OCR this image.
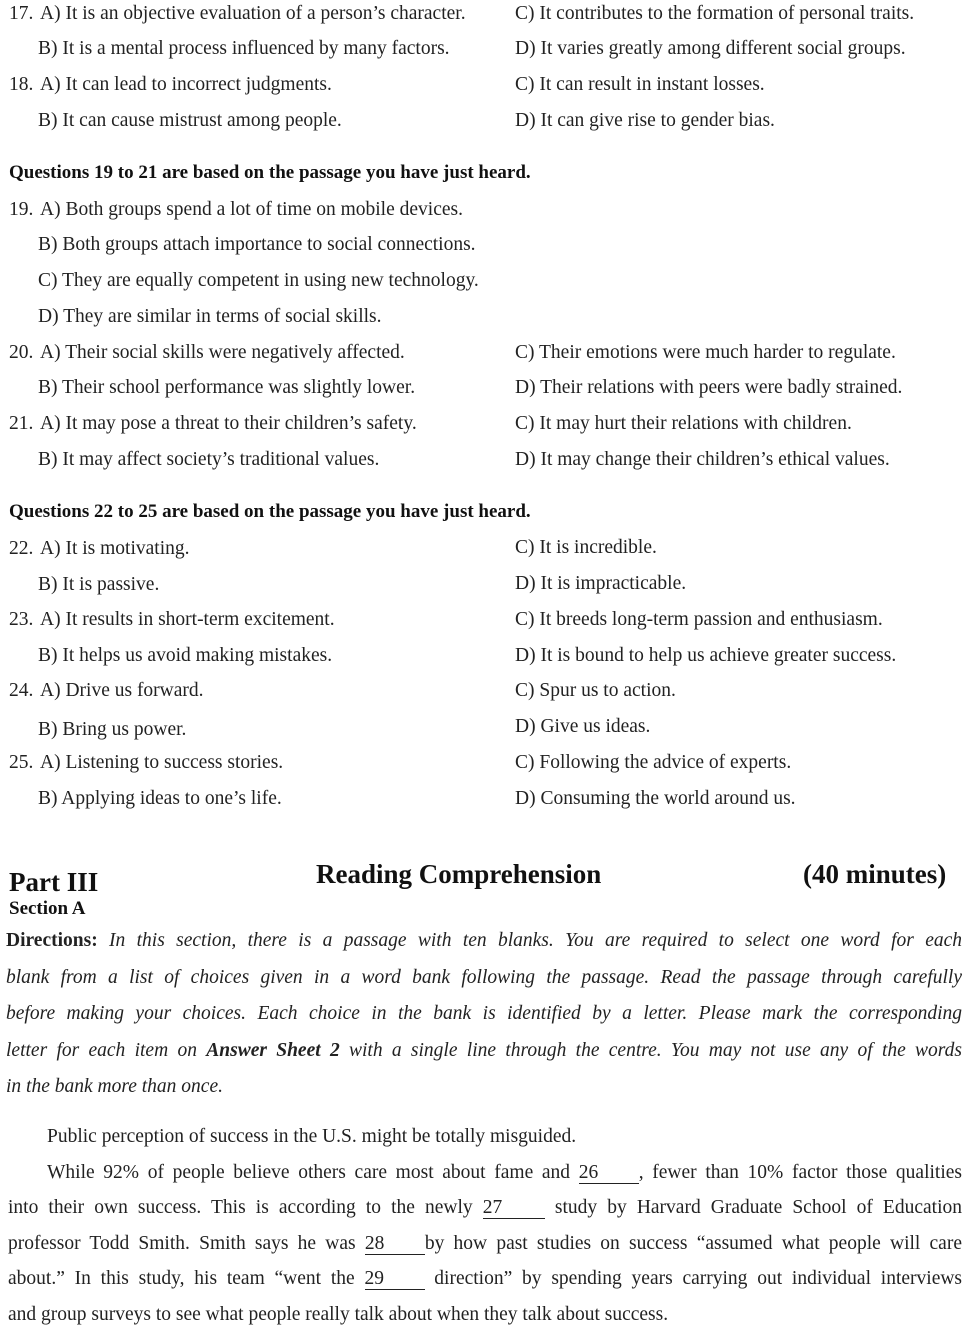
17. A) It is an objective evaluation of a person’s character.
B) It is a mental process influenced by many factors.
C) It contributes to the formation of personal traits.
D) It varies greatly among different social groups.
18. A) It can lead to incorrect judgments.
B) It can cause mistrust among people.
C) It can result in instant losses.
D) It can give rise to gender bias.
Questions 19 to 21 are based on the passage you have just heard.
19. A) Both groups spend a lot of time on mobile devices.
B) Both groups attach importance to social connections.
C) They are equally competent in using new technology.
D) They are similar in terms of social skills.
20. A) Their social skills were negatively affected.
B) Their school performance was slightly lower.
C) Their emotions were much harder to regulate.
D) Their relations with peers were badly strained.
21. A) It may pose a threat to their children’s safety.
B) It may affect society’s traditional values.
C) It may hurt their relations with children.
D) It may change their children’s ethical values.
Questions 22 to 25 are based on the passage you have just heard.
22. A) It is motivating.
B) It is passive.
C) It is incredible.
D) It is impracticable.
23. A) It results in short-term excitement.
B) It helps us avoid making mistakes.
C) It breeds long-term passion and enthusiasm.
D) It is bound to help us achieve greater success.
24. A) Drive us forward.
B) Bring us power.
C) Spur us to action.
D) Give us ideas.
25. A) Listening to success stories.
B) Applying ideas to one’s life.
C) Following the advice of experts.
D) Consuming the world around us.
Part III	Reading Comprehension	(40 minutes)
Section A
Directions: In this section, there is a passage with ten blanks. You are required to select one word for each
blank from a list of choices given in a word bank following the passage. Read the passage through carefully
before making your choices. Each choice in the bank is identified by a letter. Please mark the corresponding
letter for each item on Answer Sheet 2 with a single line through the centre. You may not use any of the words
in the bank more than once.
Public perception of success in the U.S. might be totally misguided.
While 92% of people believe others care most about fame and 26 , fewer than 10% factor those qualities
into their own success. This is according to the newly 27	study by Harvard Graduate School of Education
professor Todd Smith. Smith says he was 28 by how past studies on success “assumed what people will care
about.” In this study, his team “went the 29	direction” by spending years carrying out individual interviews
and group surveys to see what people really talk about when they talk about success.
